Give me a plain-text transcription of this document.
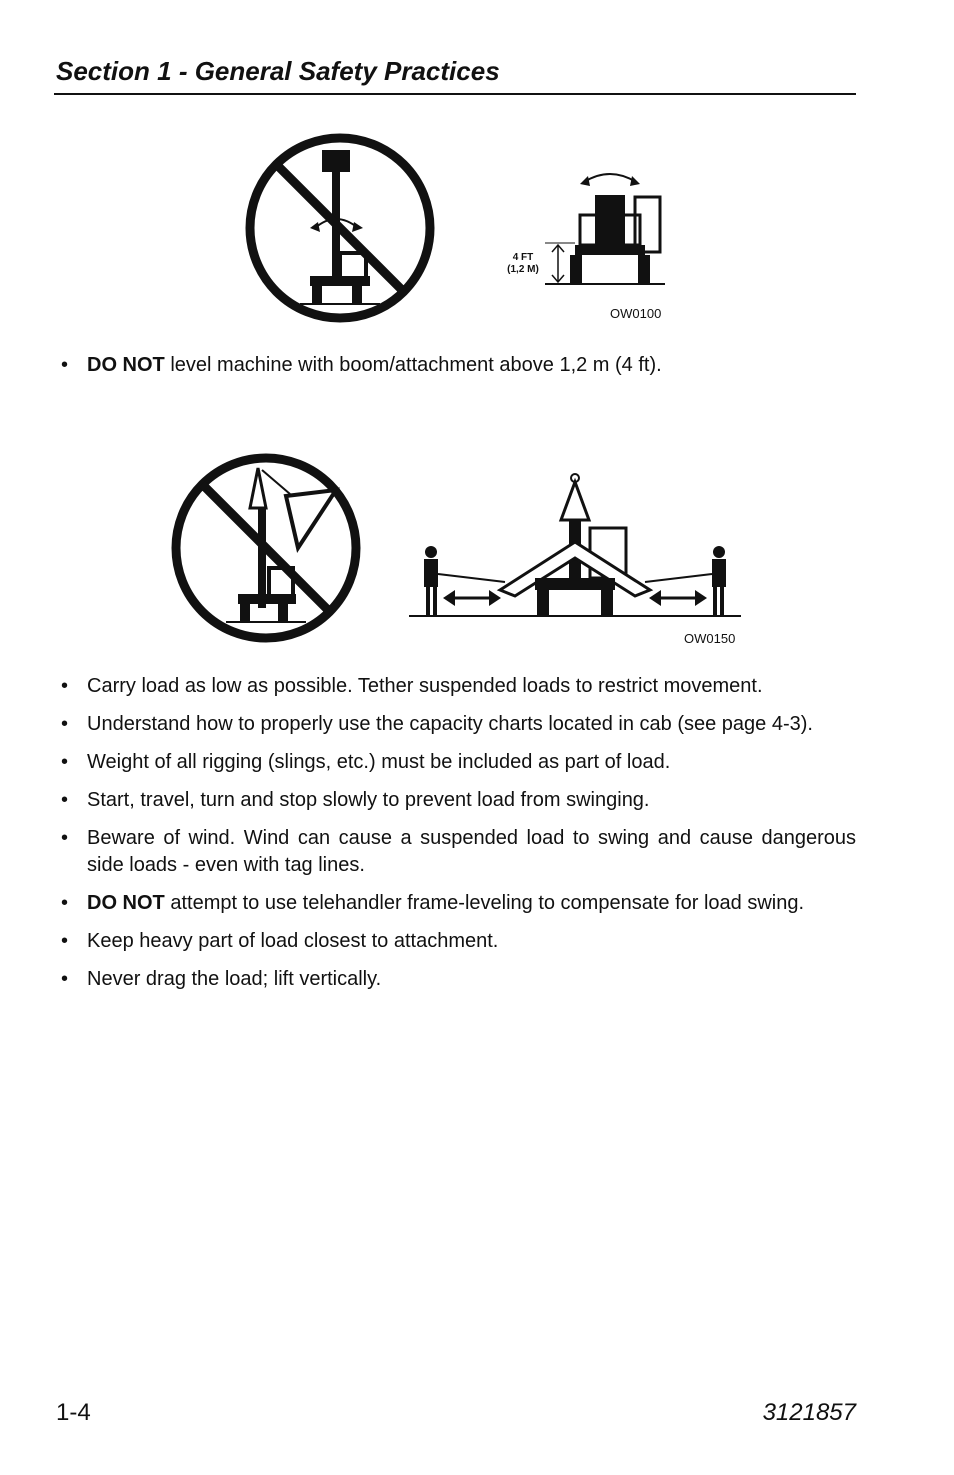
Section 1 - General Safety Practices
4 FT
(1,2 M)
OW0100
• DO NOT level machine with boom/attachment above 1,2 m (4 ft).
OW0150
• Carry load as low as possible. Tether suspended loads to restrict movement.
• Understand how to properly use the capacity charts located in cab (see page 4-3).
• Weight of all rigging (slings, etc.) must be included as part of load.
• Start, travel, turn and stop slowly to prevent load from swinging.
• Beware of wind. Wind can cause a suspended load to swing and cause dangerous side loads - even with tag lines.
• DO NOT attempt to use telehandler frame-leveling to compensate for load swing.
• Keep heavy part of load closest to attachment.
• Never drag the load; lift vertically.
1-4	3121857
